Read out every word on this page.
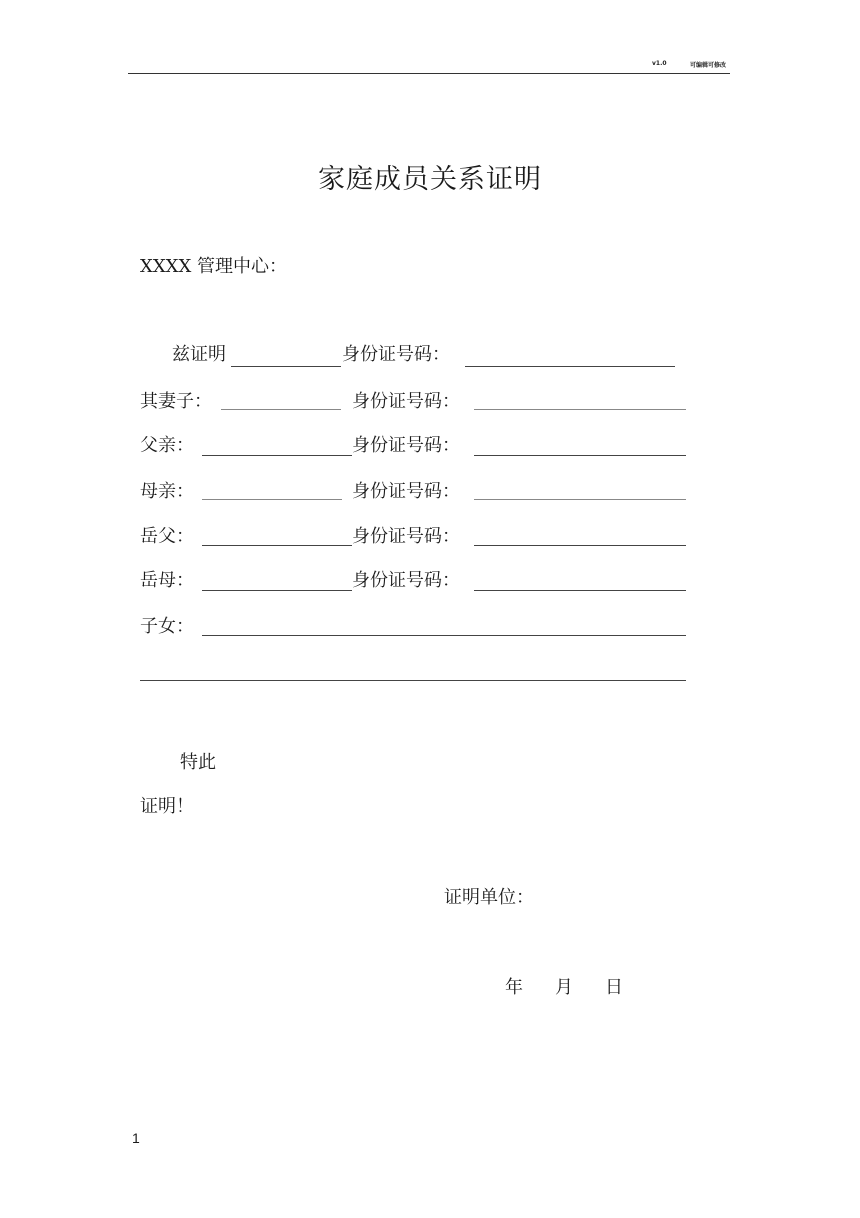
v1.0	可编辑可修改
家庭成员关系证明
XXXX 管理中心：
兹证明	身份证号码：
其妻子：	身份证号码：
父亲：	身份证号码：
母亲：	身份证号码：
岳父：	身份证号码：
岳母：	身份证号码：
子女：
特此
证明！
证明单位：
年 月 日
1
